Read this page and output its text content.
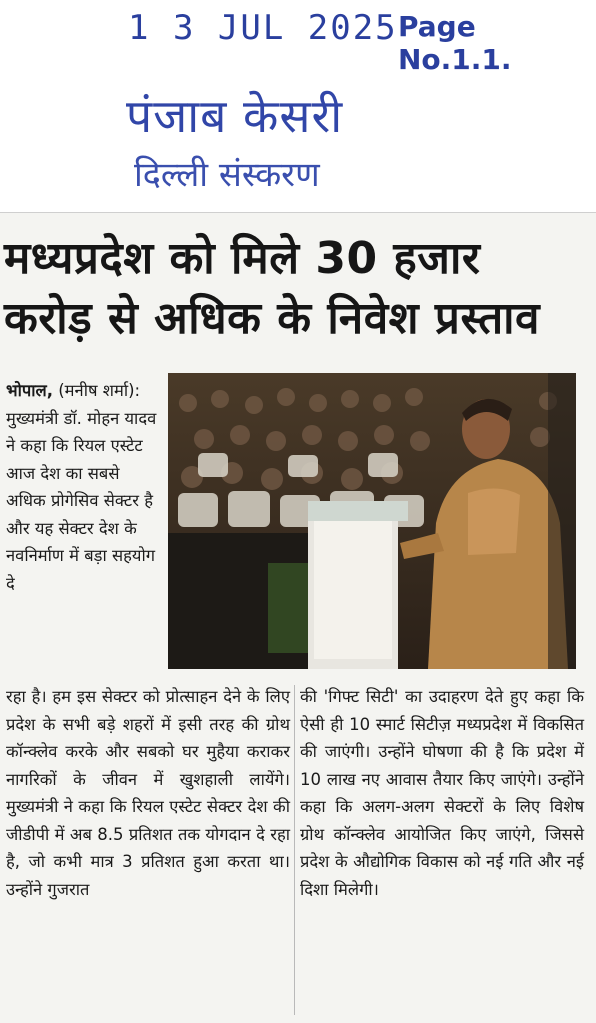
1 3 JUL 2025 Page No.1.1.
पंजाब केसरी
दिल्ली संस्करण
मध्यप्रदेश को मिले 30 हजार
करोड़ से अधिक के निवेश प्रस्ताव
भोपाल, (मनीष शर्मा): मुख्यमंत्री डॉ. मोहन यादव ने कहा कि रियल एस्टेट आज देश का सबसे अधिक प्रोगेसिव सेक्टर है और यह सेक्टर देश के नवनिर्माण में बड़ा सहयोग दे
रहा है। हम इस सेक्टर को प्रोत्साहन देने के लिए प्रदेश के सभी बड़े शहरों में इसी तरह की ग्रोथ कॉन्क्लेव करके और सबको घर मुहैया कराकर नागरिकों के जीवन में खुशहाली लायेंगे। मुख्यमंत्री ने कहा कि रियल एस्टेट सेक्टर देश की जीडीपी में अब 8.5 प्रतिशत तक योगदान दे रहा है, जो कभी मात्र 3 प्रतिशत हुआ करता था। उन्होंने गुजरात
की 'गिफ्ट सिटी' का उदाहरण देते हुए कहा कि ऐसी ही 10 स्मार्ट सिटीज़ मध्यप्रदेश में विकसित की जाएंगी। उन्होंने घोषणा की है कि प्रदेश में 10 लाख नए आवास तैयार किए जाएंगे। उन्होंने कहा कि अलग-अलग सेक्टरों के लिए विशेष ग्रोथ कॉन्क्लेव आयोजित किए जाएंगे, जिससे प्रदेश के औद्योगिक विकास को नई गति और नई दिशा मिलेगी।
